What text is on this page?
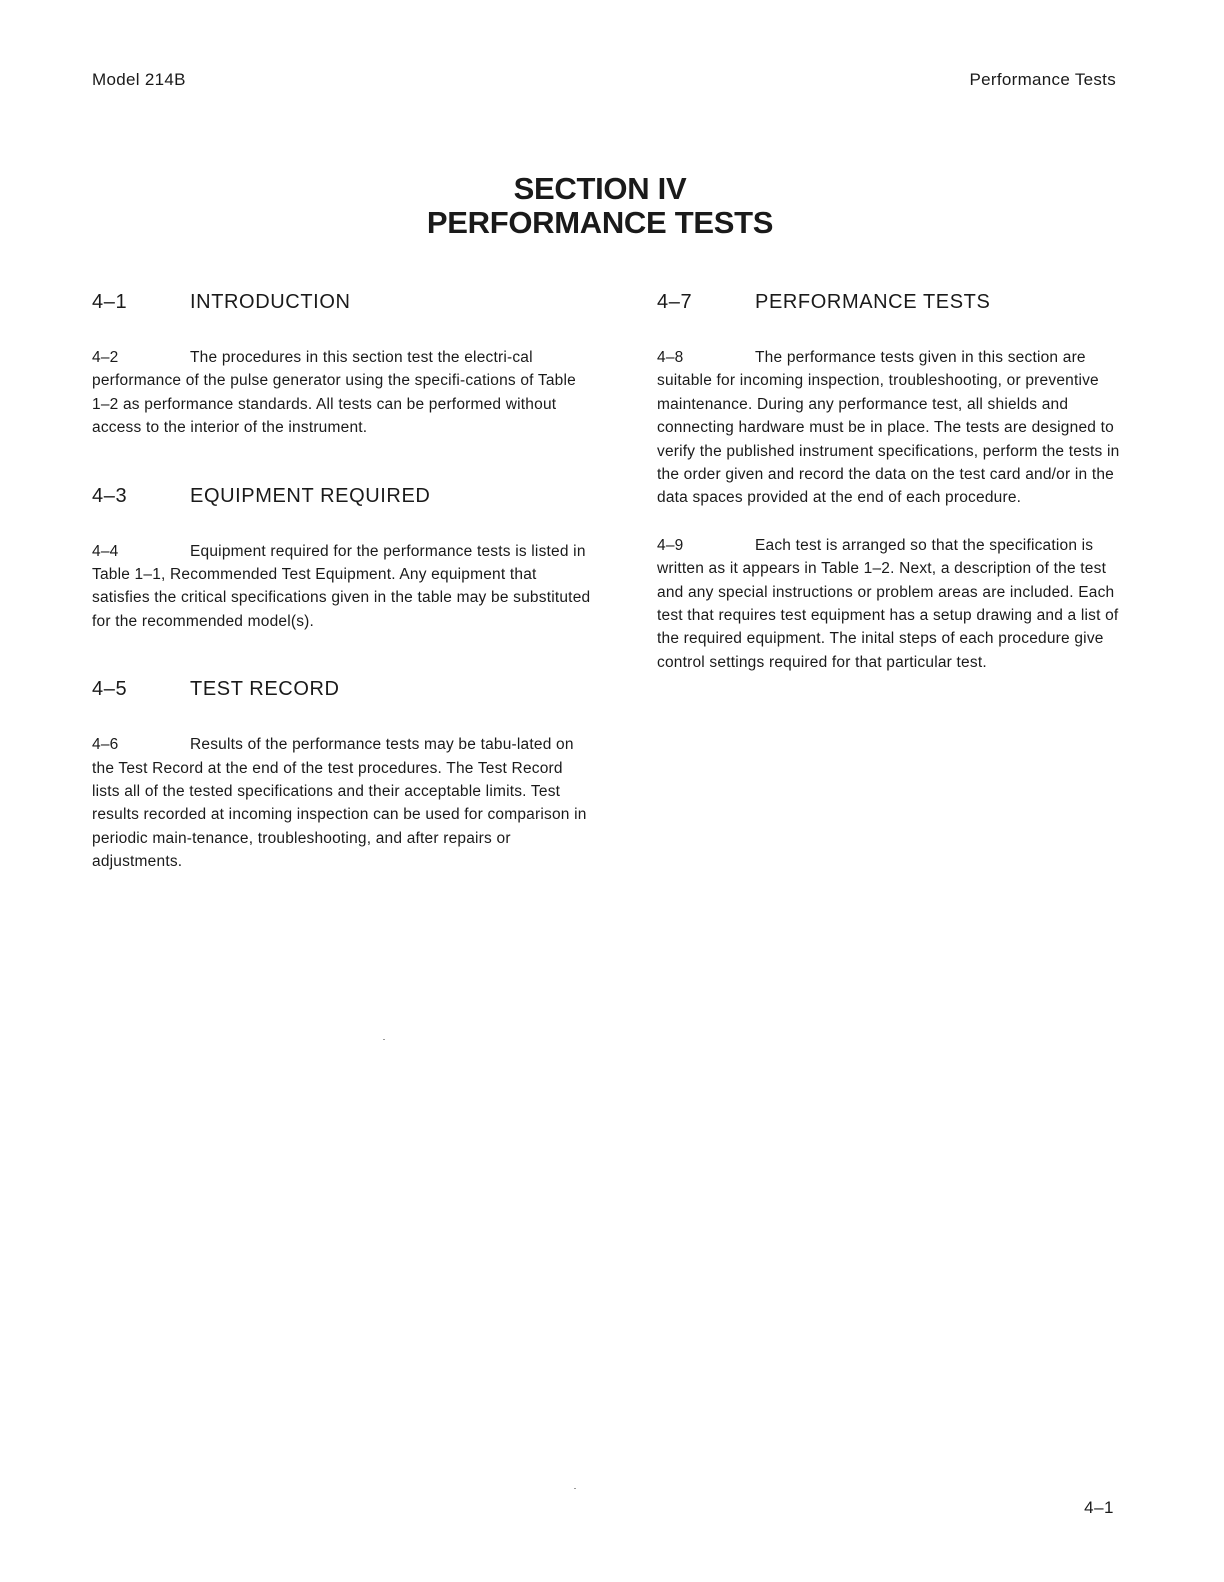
Model 214B	Performance Tests
SECTION IV
PERFORMANCE TESTS
4–1	INTRODUCTION

4–2	The procedures in this section test the electri-cal performance of the pulse generator using the specifi-cations of Table 1–2 as performance standards. All tests can be performed without access to the interior of the instrument.

4–3	EQUIPMENT REQUIRED

4–4	Equipment required for the performance tests is listed in Table 1–1, Recommended Test Equipment. Any equipment that satisfies the critical specifications given in the table may be substituted for the recommended model(s).

4–5	TEST RECORD

4–6	Results of the performance tests may be tabu-lated on the Test Record at the end of the test procedures. The Test Record lists all of the tested specifications and their acceptable limits. Test results recorded at incoming inspection can be used for comparison in periodic main-tenance, troubleshooting, and after repairs or adjustments.

4–7	PERFORMANCE TESTS

4–8	The performance tests given in this section are suitable for incoming inspection, troubleshooting, or preventive maintenance. During any performance test, all shields and connecting hardware must be in place. The tests are designed to verify the published instrument specifications, perform the tests in the order given and record the data on the test card and/or in the data spaces provided at the end of each procedure.

4–9	Each test is arranged so that the specification is written as it appears in Table 1–2. Next, a description of the test and any special instructions or problem areas are included. Each test that requires test equipment has a setup drawing and a list of the required equipment. The inital steps of each procedure give control settings required for that particular test.

4–1
